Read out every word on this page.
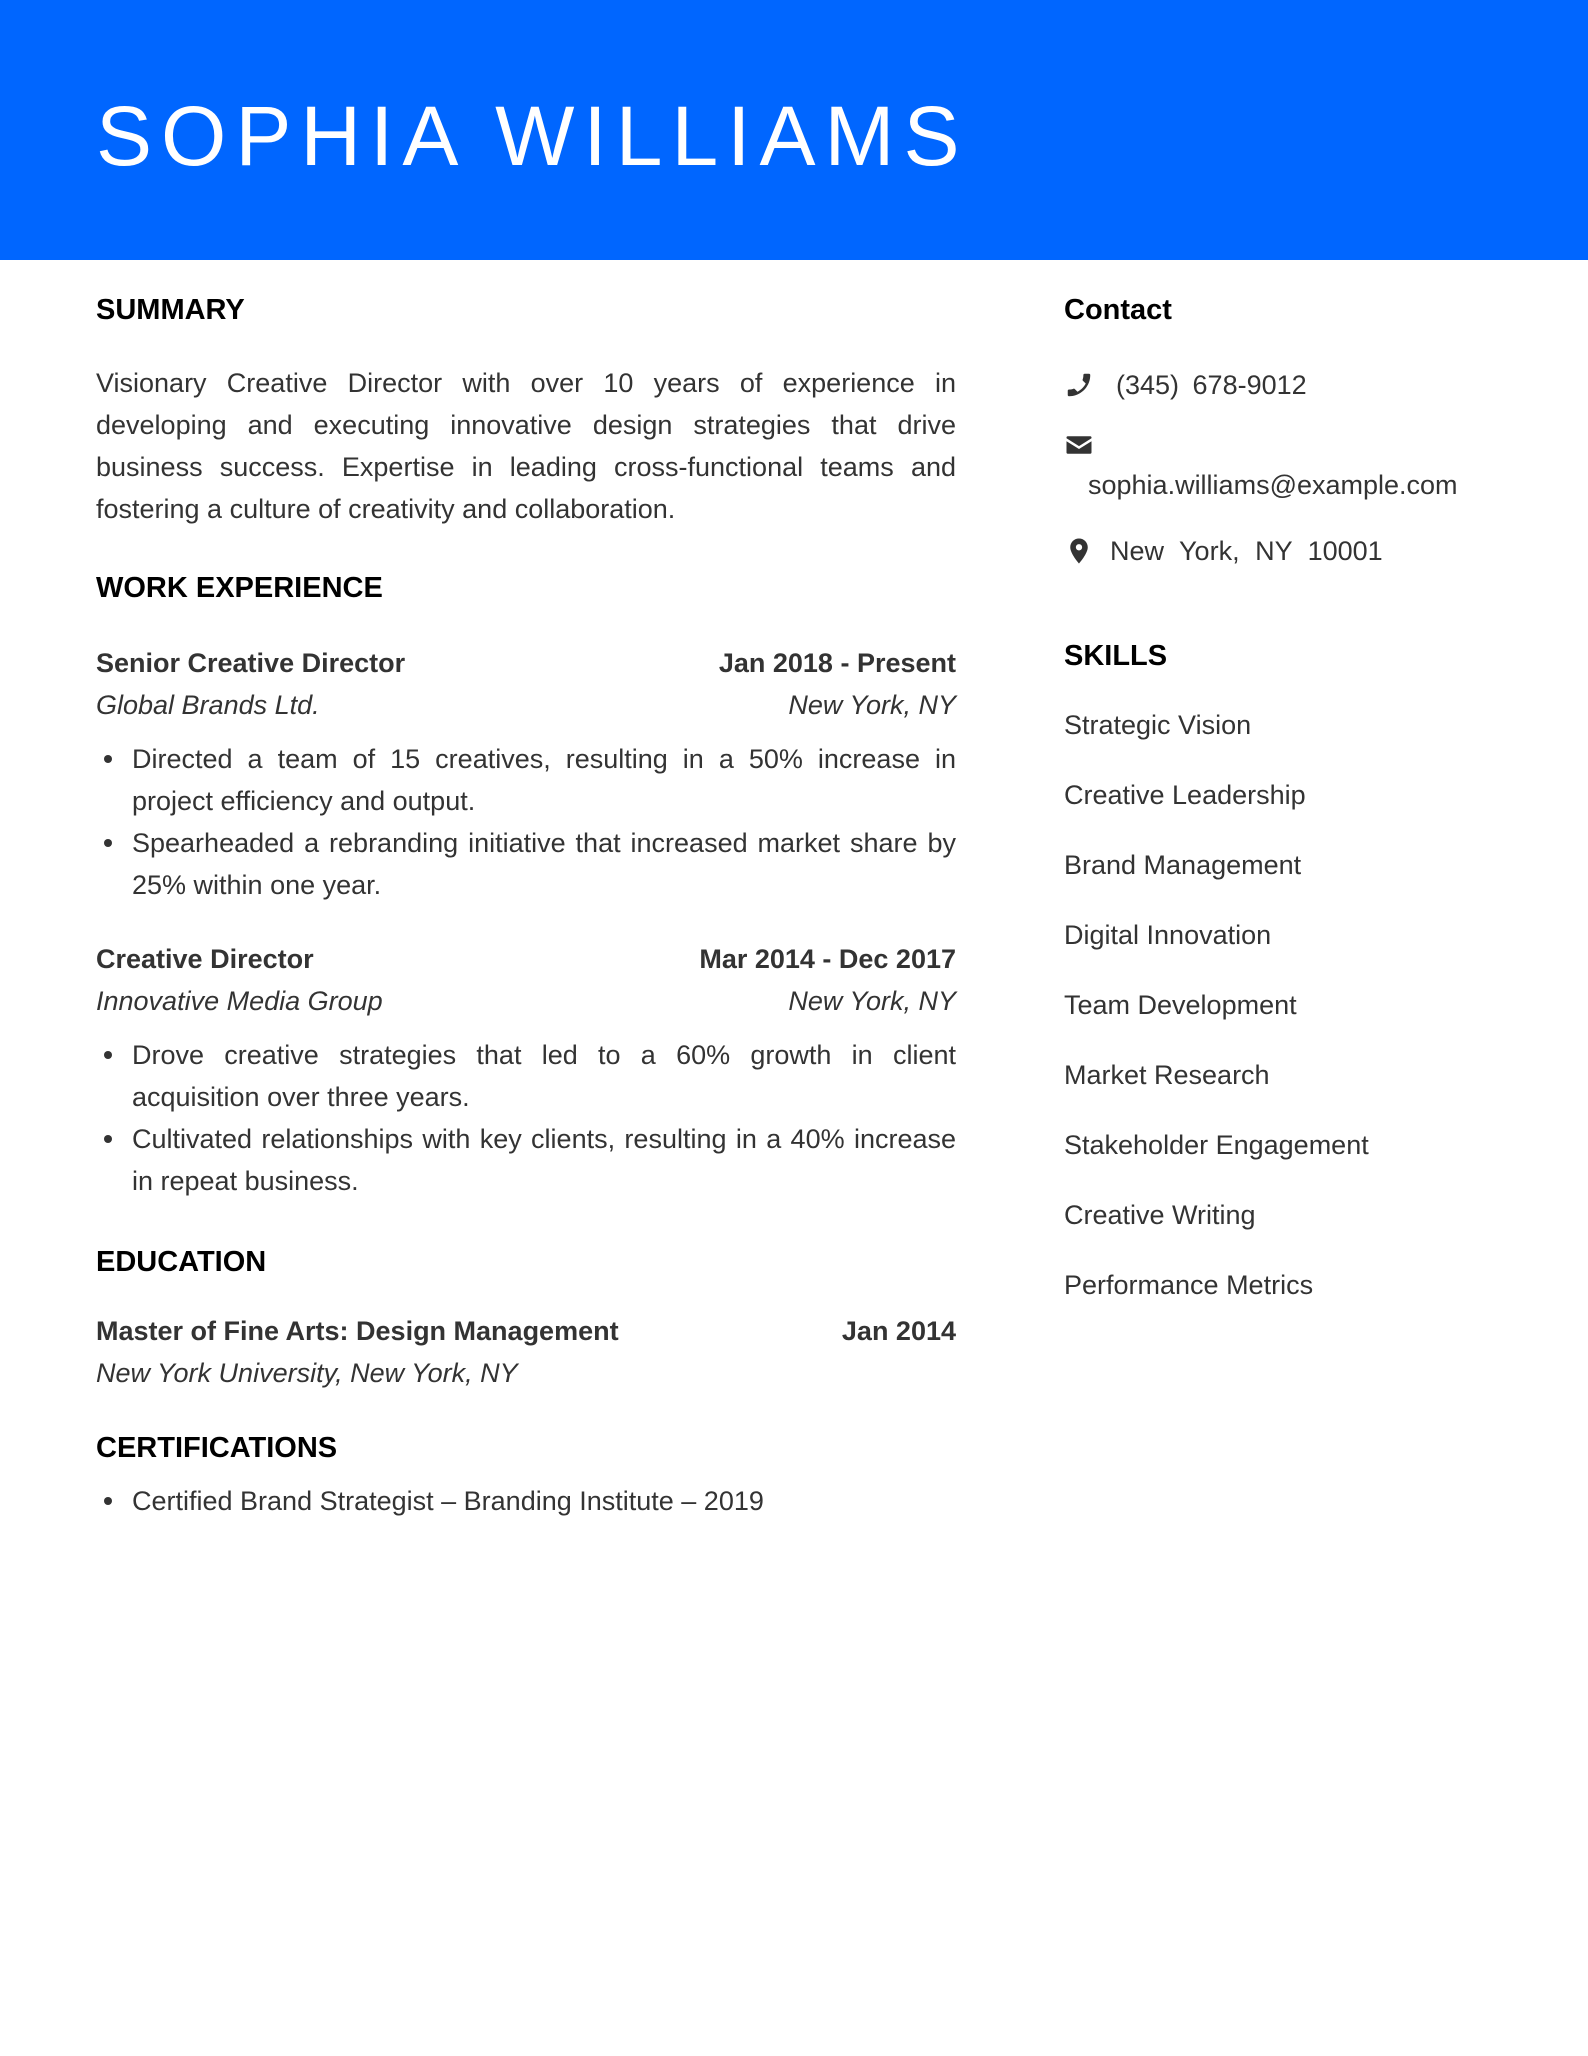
SOPHIA WILLIAMS
SUMMARY

Visionary Creative Director with over 10 years of experience in developing and executing innovative design strategies that drive business success. Expertise in leading cross-functional teams and fostering a culture of creativity and collaboration.

WORK EXPERIENCE
Senior Creative Director	Jan 2018 - Present
Global Brands Ltd.	New York, NY
Directed a team of 15 creatives, resulting in a 50% increase in project efficiency and output.
Spearheaded a rebranding initiative that increased market share by 25% within one year.
Creative Director	Mar 2014 - Dec 2017
Innovative Media Group	New York, NY
Drove creative strategies that led to a 60% growth in client acquisition over three years.
Cultivated relationships with key clients, resulting in a 40% increase in repeat business.
EDUCATION
Master of Fine Arts: Design Management	Jan 2014
New York University, New York, NY
CERTIFICATIONS
Certified Brand Strategist – Branding Institute – 2019
Contact
(345) 678-9012
sophia.williams@example.com
New York, NY 10001
SKILLS
Strategic Vision
Creative Leadership
Brand Management
Digital Innovation
Team Development
Market Research
Stakeholder Engagement
Creative Writing
Performance Metrics
